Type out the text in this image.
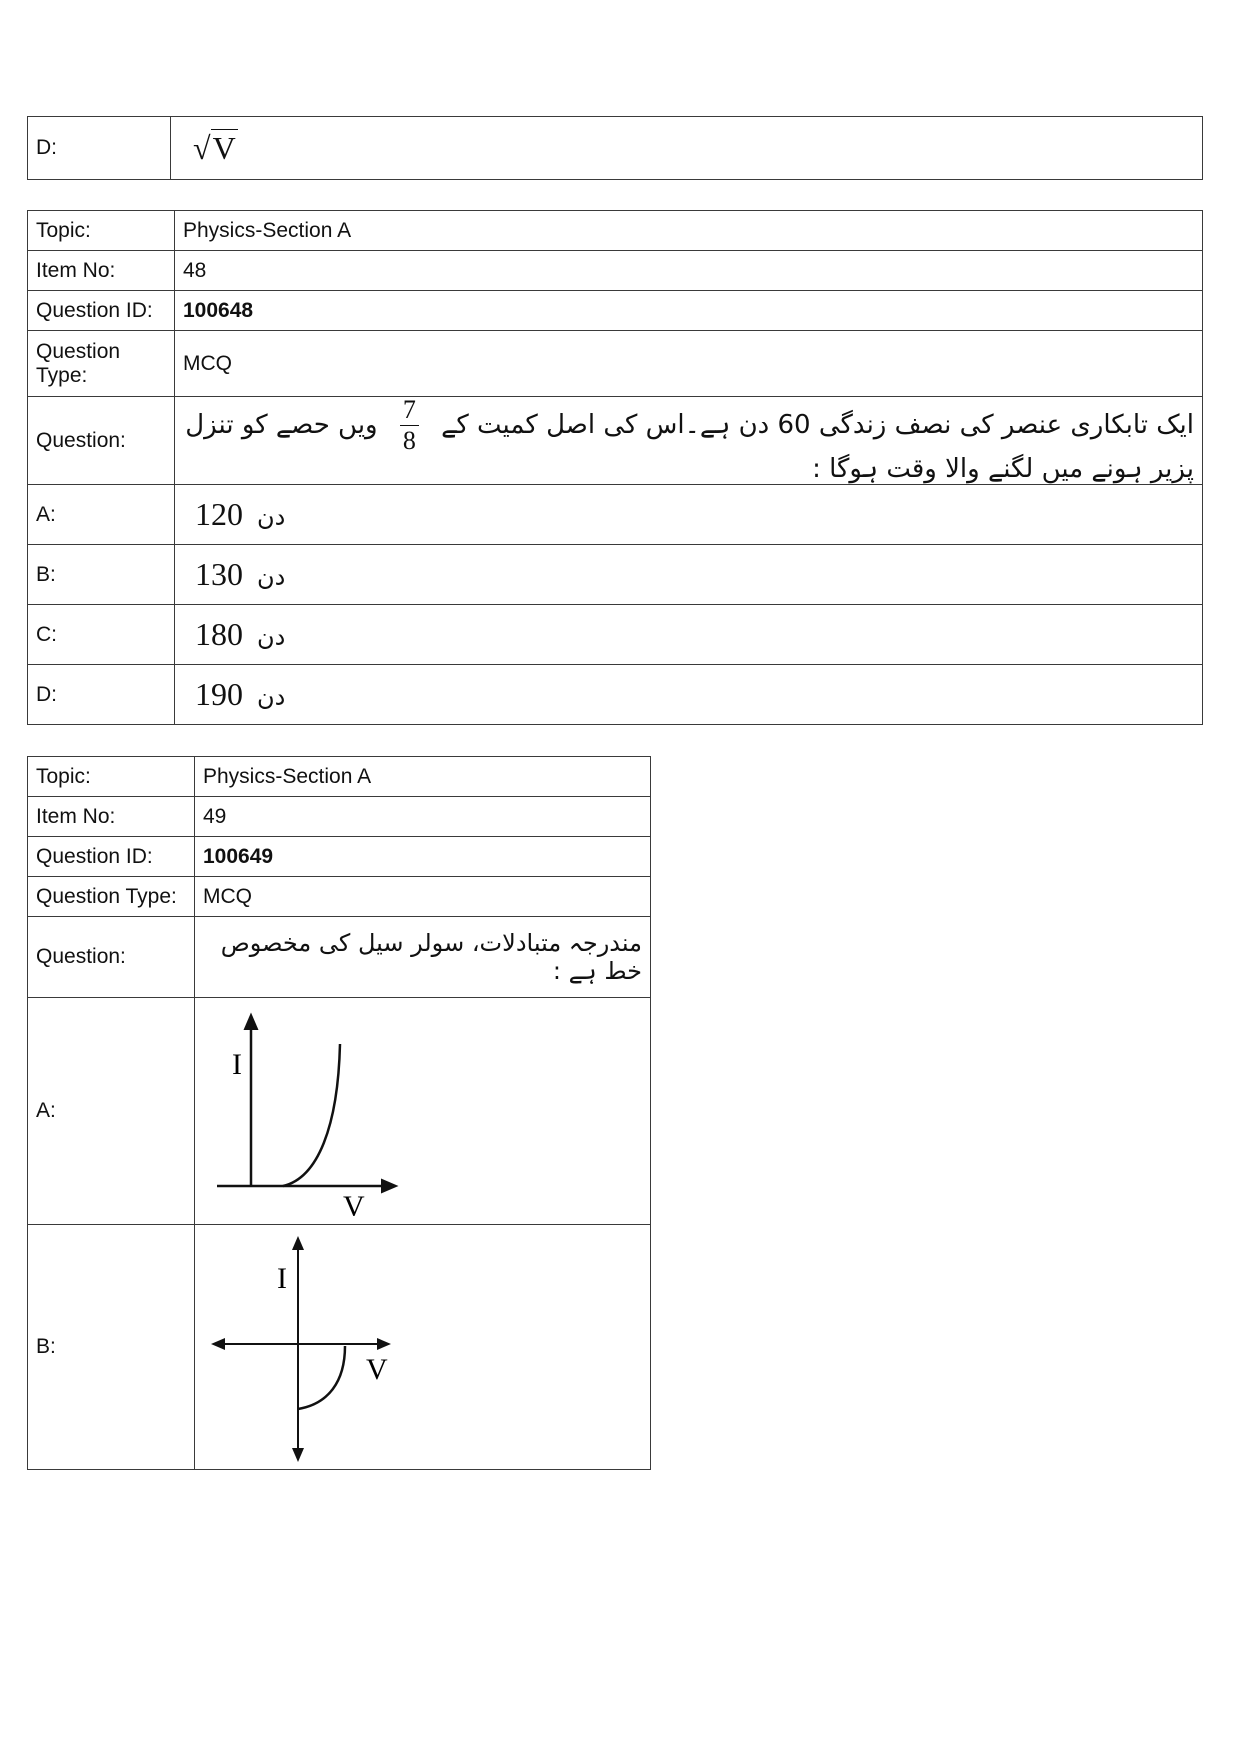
D:	√V
Topic:	Physics-Section A
Item No:	48
Question ID:	100648
Question Type:	MCQ
Question:	ایک تابکاری عنصر کی نصف زندگی 60 دن ہے۔اس کی اصل کمیت کے
$\frac{7}{8}$
ویں حصے کو تنزل پزیر ہونے میں لگنے والا وقت ہوگا :
A:	دن 120
B:	دن 130
C:	دن 180
D:	دن 190
Topic:	Physics-Section A
Item No:	49
Question ID:	100649
Question Type:	MCQ
Question:	مندرجہ متبادلات، سولر سیل کی مخصوص خط ہے :
A:	I
V

B:	I
V
